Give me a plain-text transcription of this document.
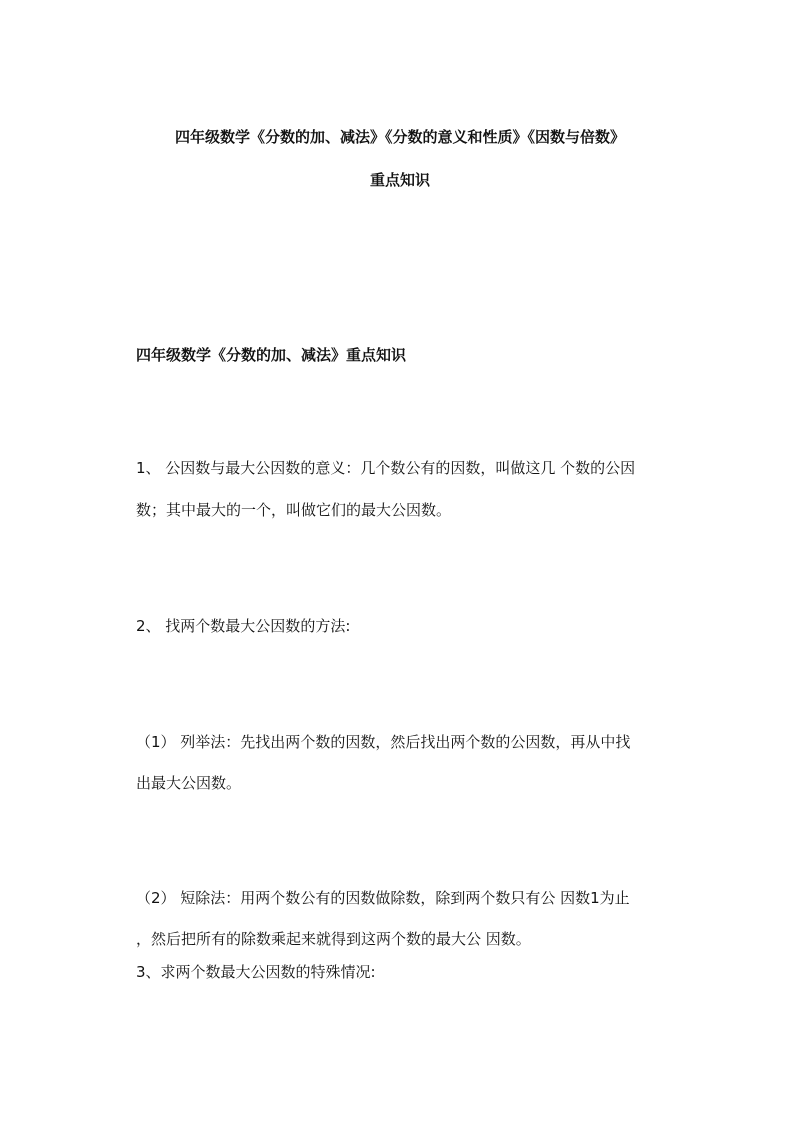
四年级数学《分数的加、减法》《分数的意义和性质》《因数与倍数》
重点知识
四年级数学《分数的加、减法》重点知识
1、 公因数与最大公因数的意义：几个数公有的因数，叫做这几 个数的公因
数；其中最大的一个，叫做它们的最大公因数。
2、 找两个数最大公因数的方法:
（1） 列举法：先找出两个数的因数，然后找出两个数的公因数，再从中找
出最大公因数。
（2） 短除法：用两个数公有的因数做除数，除到两个数只有公 因数1为止
，然后把所有的除数乘起来就得到这两个数的最大公 因数。
3、求两个数最大公因数的特殊情况:
